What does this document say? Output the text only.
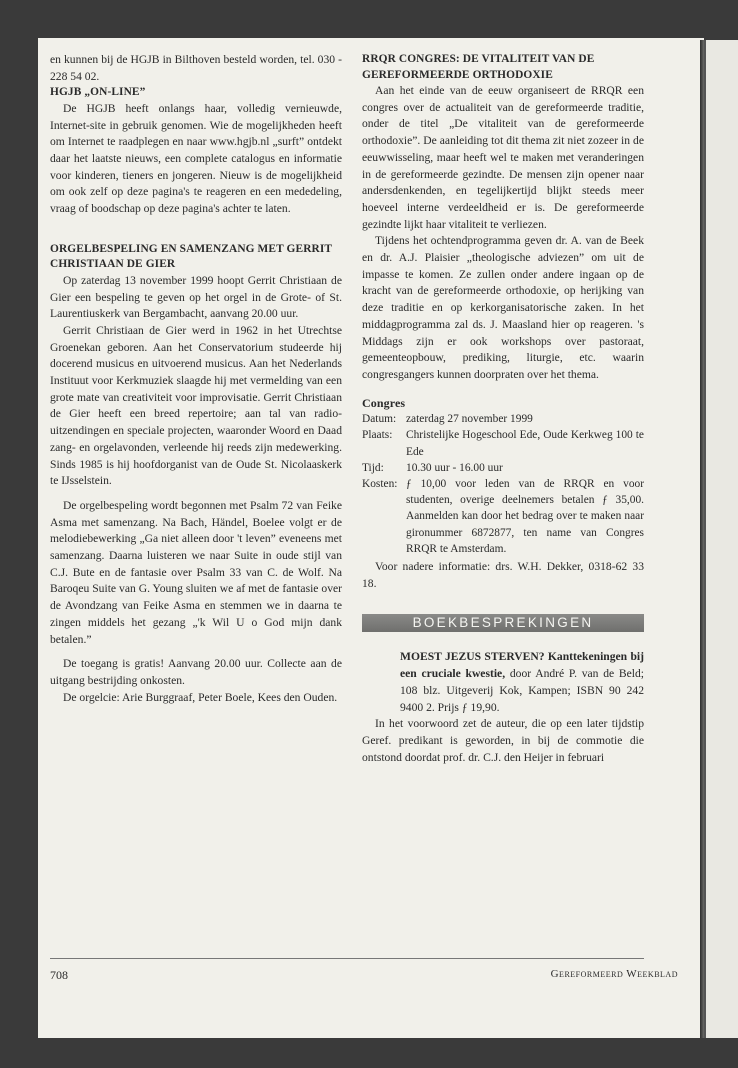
en kunnen bij de HGJB in Bilthoven besteld worden, tel. 030 - 228 54 02.

HGJB „ON-LINE”

De HGJB heeft onlangs haar, volledig vernieuwde, Internet-site in gebruik genomen. Wie de mogelijkheden heeft om Internet te raadplegen en naar www.hgjb.nl „surft” ontdekt daar het laatste nieuws, een complete catalogus en informatie voor kinderen, tieners en jongeren. Nieuw is de mogelijkheid om ook zelf op deze pagina's te reageren en een mededeling, vraag of boodschap op deze pagina's achter te laten.

ORGELBESPELING EN SAMENZANG MET GERRIT CHRISTIAAN DE GIER

Op zaterdag 13 november 1999 hoopt Gerrit Christiaan de Gier een bespeling te geven op het orgel in de Grote- of St. Laurentiuskerk van Bergambacht, aanvang 20.00 uur.

Gerrit Christiaan de Gier werd in 1962 in het Utrechtse Groenekan geboren. Aan het Conservatorium studeerde hij docerend musicus en uitvoerend musicus. Aan het Nederlands Instituut voor Kerkmuziek slaagde hij met vermelding van een grote mate van creativiteit voor improvisatie. Gerrit Christiaan de Gier heeft een breed repertoire; aan tal van radio-uitzendingen en speciale projecten, waaronder Woord en Daad zang- en orgelavonden, verleende hij reeds zijn medewerking. Sinds 1985 is hij hoofdorganist van de Oude St. Nicolaaskerk te IJsselstein.

De orgelbespeling wordt begonnen met Psalm 72 van Feike Asma met samenzang. Na Bach, Händel, Boelee volgt er de melodiebewerking „Ga niet alleen door 't leven” eveneens met samenzang. Daarna luisteren we naar Suite in oude stijl van C.J. Bute en de fantasie over Psalm 33 van C. de Wolf. Na Baroqeu Suite van G. Young sluiten we af met de fantasie over de Avondzang van Feike Asma en stemmen we in daarna te zingen middels het gezang „'k Wil U o God mijn dank betalen.”

De toegang is gratis! Aanvang 20.00 uur. Collecte aan de uitgang bestrijding onkosten.

De orgelcie: Arie Burggraaf, Peter Boele, Kees den Ouden.

RRQR CONGRES: DE VITALITEIT VAN DE GEREFORMEERDE ORTHODOXIE

Aan het einde van de eeuw organiseert de RRQR een congres over de actualiteit van de gereformeerde traditie, onder de titel „De vitaliteit van de gereformeerde orthodoxie”. De aanleiding tot dit thema zit niet zozeer in de eeuwwisseling, maar heeft wel te maken met veranderingen in de gereformeerde gezindte. De mensen zijn opener naar andersdenkenden, en tegelijkertijd blijkt steeds meer hoeveel interne verdeeldheid er is. De gereformeerde gezindte lijkt haar vitaliteit te verliezen.

Tijdens het ochtendprogramma geven dr. A. van de Beek en dr. A.J. Plaisier „theologische adviezen” om uit de impasse te komen. Ze zullen onder andere ingaan op de kracht van de gereformeerde orthodoxie, op herijking van deze traditie en op kerkorganisatorische zaken. In het middagprogramma zal ds. J. Maasland hier op reageren. 's Middags zijn er ook workshops over pastoraat, gemeenteopbouw, prediking, liturgie, etc. waarin congresgangers kunnen doorpraten over het thema.

Congres
Datum: zaterdag 27 november 1999
Plaats:	Christelijke Hogeschool Ede, Oude Kerkweg 100 te Ede
Tijd:	10.30 uur - 16.00 uur
Kosten: ƒ 10,00 voor leden van de RRQR en voor studenten, overige deelnemers betalen ƒ 35,00. Aanmelden kan door het bedrag over te maken naar gironummer 6872877, ten name van Congres RRQR te Amsterdam.

Voor nadere informatie: drs. W.H. Dekker, 0318-62 33 18.

BOEKBESPREKINGEN
MOEST JEZUS STERVEN? Kanttekeningen bij een cruciale kwestie, door André P. van de Beld; 108 blz. Uitgeverij Kok, Kampen; ISBN 90 242 9400 2. Prijs ƒ 19,90.

In het voorwoord zet de auteur, die op een later tijdstip Geref. predikant is geworden, in bij de commotie die ontstond doordat prof. dr. C.J. den Heijer in februari

708	Gereformeerd Weekblad
